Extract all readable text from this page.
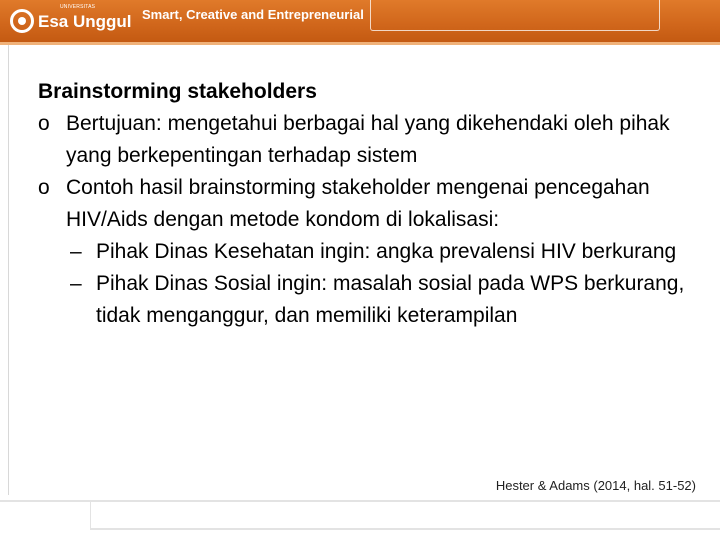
UNIVERSITAS
Esa Unggul Smart, Creative and Entrepreneurial
Brainstorming stakeholders
o Bertujuan: mengetahui berbagai hal yang dikehendaki oleh pihak yang berkepentingan terhadap sistem
o Contoh hasil brainstorming stakeholder mengenai pencegahan HIV/Aids dengan metode kondom di lokalisasi:
– Pihak Dinas Kesehatan ingin: angka prevalensi HIV berkurang
– Pihak Dinas Sosial ingin: masalah sosial pada WPS berkurang, tidak menganggur, dan memiliki keterampilan
Hester & Adams (2014, hal. 51-52)
